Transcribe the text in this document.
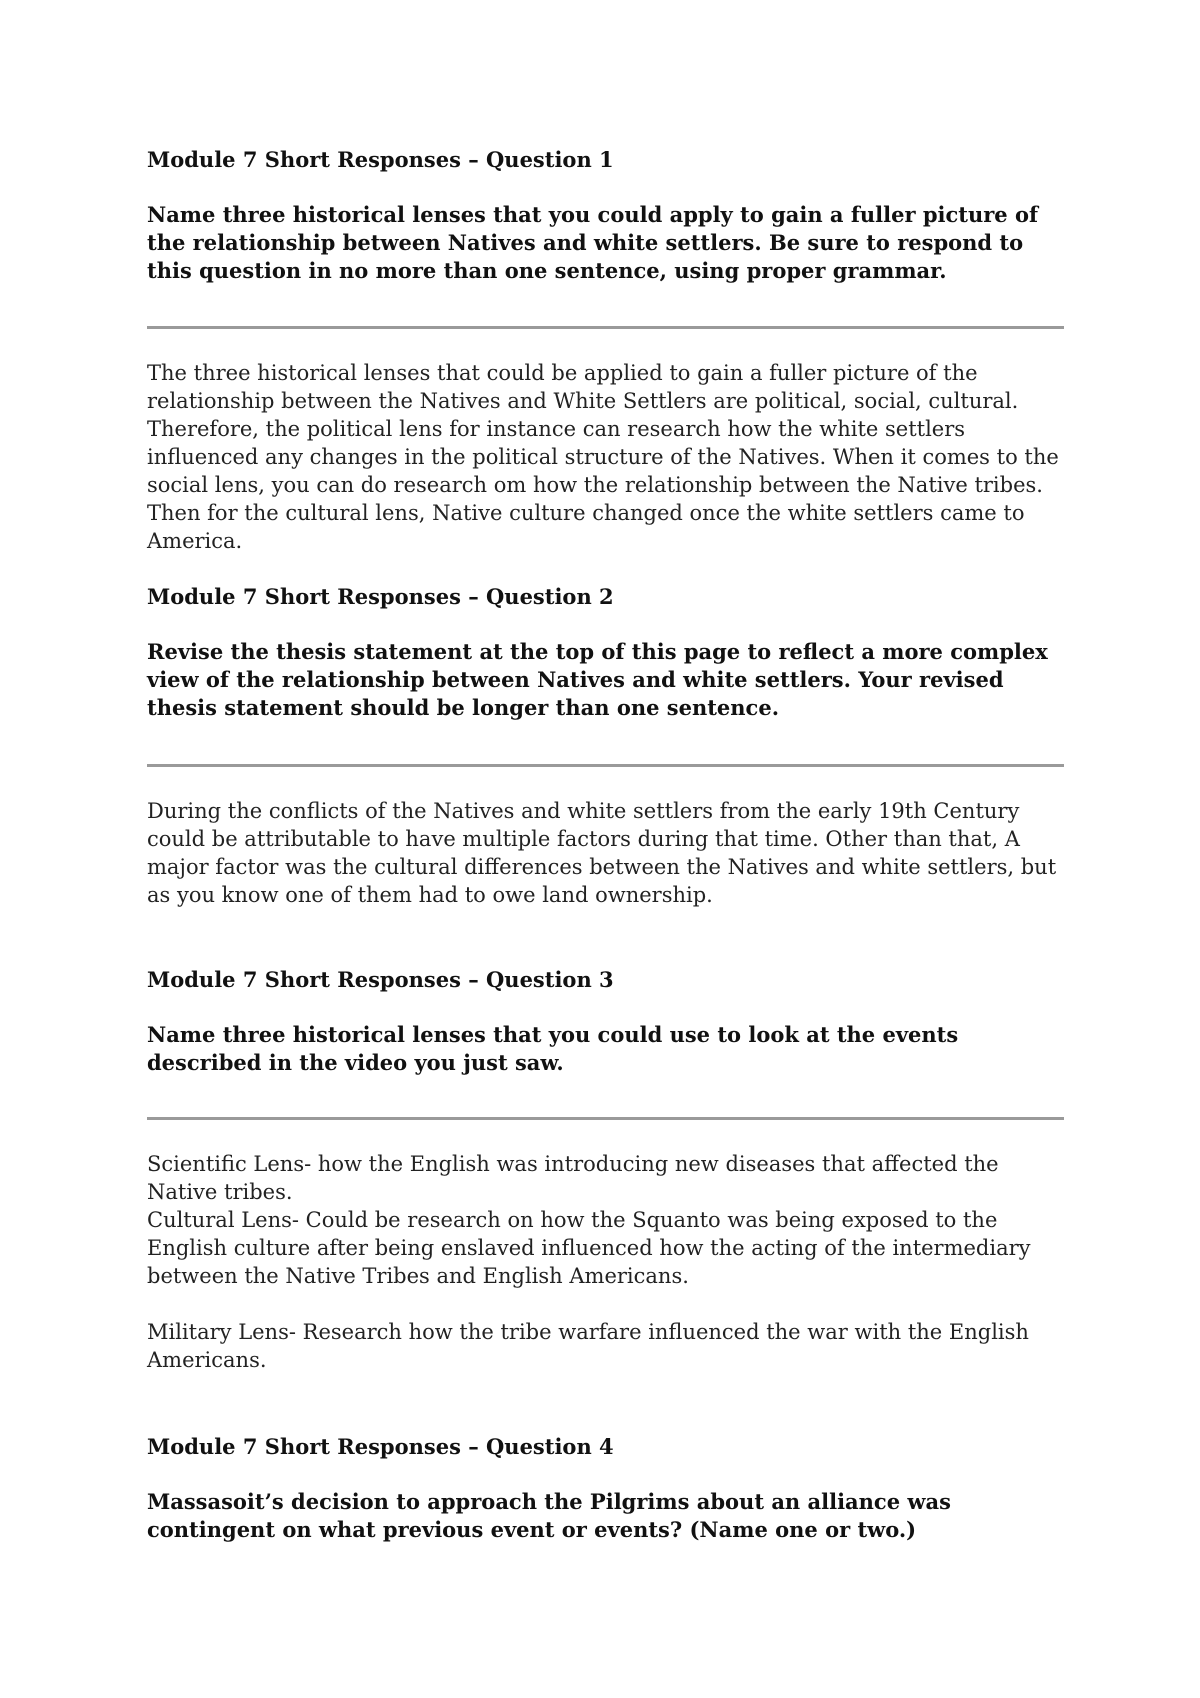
Module 7 Short Responses – Question 1

Name three historical lenses that you could apply to gain a fuller picture of the relationship between Natives and white settlers. Be sure to respond to this question in no more than one sentence, using proper grammar.

The three historical lenses that could be applied to gain a fuller picture of the relationship between the Natives and White Settlers are political, social, cultural. Therefore, the political lens for instance can research how the white settlers influenced any changes in the political structure of the Natives. When it comes to the social lens, you can do research om how the relationship between the Native tribes. Then for the cultural lens, Native culture changed once the white settlers came to America.

Module 7 Short Responses – Question 2

Revise the thesis statement at the top of this page to reflect a more complex view of the relationship between Natives and white settlers. Your revised thesis statement should be longer than one sentence.

During the conflicts of the Natives and white settlers from the early 19th Century could be attributable to have multiple factors during that time. Other than that, A major factor was the cultural differences between the Natives and white settlers, but as you know one of them had to owe land ownership.

Module 7 Short Responses – Question 3

Name three historical lenses that you could use to look at the events described in the video you just saw.

Scientific Lens- how the English was introducing new diseases that affected the Native tribes.

Cultural Lens- Could be research on how the Squanto was being exposed to the English culture after being enslaved influenced how the acting of the intermediary between the Native Tribes and English Americans.

Military Lens- Research how the tribe warfare influenced the war with the English Americans.

Module 7 Short Responses – Question 4

Massasoit’s decision to approach the Pilgrims about an alliance was contingent on what previous event or events? (Name one or two.)
